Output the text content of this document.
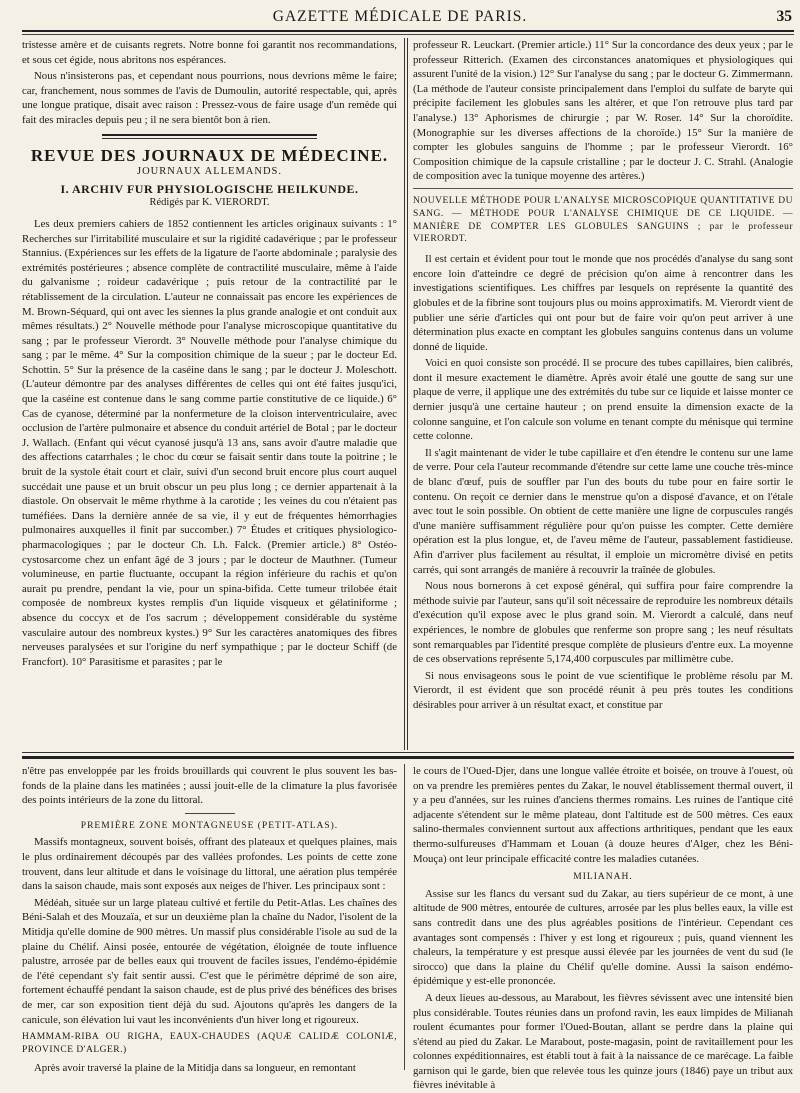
GAZETTE MÉDICALE DE PARIS.	35

tristesse amère et de cuisants regrets. Notre bonne foi garantit nos recommandations, et sous cet égide, nous abritons nos espérances.

Nous n'insisterons pas, et cependant nous pourrions, nous devrions même le faire; car, franchement, nous sommes de l'avis de Dumoulin, autorité respectable, qui, après une longue pratique, disait avec raison : Pressez-vous de faire usage d'un remède qui fait des miracles depuis peu ; il ne sera bientôt bon à rien.

REVUE DES JOURNAUX DE MÉDECINE.
JOURNAUX ALLEMANDS.
I. ARCHIV FUR PHYSIOLOGISCHE HEILKUNDE.
Rédigés par K. VIERORDT.

Les deux premiers cahiers de 1852 contiennent les articles originaux suivants : 1° Recherches sur l'irritabilité musculaire et sur la rigidité cadavérique ; par le professeur Stannius. (Expériences sur les effets de la ligature de l'aorte abdominale ; paralysie des extrémités postérieures ; absence complète de contractilité musculaire, même à l'aide du galvanisme ; roideur cadavérique ; puis retour de la contractilité par le rétablissement de la circulation. L'auteur ne connaissait pas encore les expériences de M. Brown-Séquard, qui ont avec les siennes la plus grande analogie et ont conduit aux mêmes résultats.) 2° Nouvelle méthode pour l'analyse microscopique quantitative du sang ; par le professeur Vierordt. 3° Nouvelle méthode pour l'analyse chimique du sang ; par le même. 4° Sur la composition chimique de la sueur ; par le docteur Ed. Schottin. 5° Sur la présence de la caséine dans le sang ; par le docteur J. Moleschott. (L'auteur démontre par des analyses différentes de celles qui ont été faites jusqu'ici, que la caséine est contenue dans le sang comme partie constitutive de ce liquide.) 6° Cas de cyanose, déterminé par la nonfermeture de la cloison interventriculaire, avec occlusion de l'artère pulmonaire et absence du conduit artériel de Botal ; par le docteur J. Wallach. (Enfant qui vécut cyanosé jusqu'à 13 ans, sans avoir d'autre maladie que des affections catarrhales ; le choc du cœur se faisait sentir dans toute la poitrine ; le bruit de la systole était court et clair, suivi d'un second bruit encore plus court auquel succédait une pause et un bruit obscur un peu plus long ; ce dernier appartenait à la diastole. On observait le même rhythme à la carotide ; les veines du cou n'étaient pas tuméfiées. Dans la dernière année de sa vie, il y eut de fréquentes hémorrhagies pulmonaires auxquelles il finit par succomber.) 7° Études et critiques physiologico-pharmacologiques ; par le docteur Ch. Lh. Falck. (Premier article.) 8° Ostéo-cystosarcome chez un enfant âgé de 3 jours ; par le docteur de Mauthner. (Tumeur volumineuse, en partie fluctuante, occupant la région inférieure du rachis et qu'on aurait pu prendre, pendant la vie, pour un spina-bifida. Cette tumeur trilobée était composée de nombreux kystes remplis d'un liquide visqueux et gélatiniforme ; absence du coccyx et de l'os sacrum ; développement considérable du système vasculaire autour des nombreux kystes.) 9° Sur les caractères anatomiques des fibres nerveuses paralysées et sur l'origine du nerf sympathique ; par le docteur Schiff (de Francfort). 10° Parasitisme et parasites ; par le

professeur R. Leuckart. (Premier article.) 11° Sur la concordance des deux yeux ; par le professeur Ritterich. (Examen des circonstances anatomiques et physiologiques qui assurent l'unité de la vision.) 12° Sur l'analyse du sang ; par le docteur G. Zimmermann. (La méthode de l'auteur consiste principalement dans l'emploi du sulfate de baryte qui précipite facilement les globules sans les altérer, et que l'on retrouve plus tard par l'analyse.) 13° Aphorismes de chirurgie ; par W. Roser. 14° Sur la choroïdite. (Monographie sur les diverses affections de la choroïde.) 15° Sur la manière de compter les globules sanguins de l'homme ; par le professeur Vierordt. 16° Composition chimique de la capsule cristalline ; par le docteur J. C. Strahl. (Analogie de composition avec la tunique moyenne des artères.)

NOUVELLE MÉTHODE POUR L'ANALYSE MICROSCOPIQUE QUANTITATIVE DU SANG. — MÉTHODE POUR L'ANALYSE CHIMIQUE DE CE LIQUIDE. — MANIÈRE DE COMPTER LES GLOBULES SANGUINS ; par le professeur VIERORDT.

Il est certain et évident pour tout le monde que nos procédés d'analyse du sang sont encore loin d'atteindre ce degré de précision qu'on aime à rencontrer dans les investigations scientifiques. Les chiffres par lesquels on représente la quantité des globules et de la fibrine sont toujours plus ou moins approximatifs. M. Vierordt vient de publier une série d'articles qui ont pour but de faire voir qu'on peut arriver à une détermination plus exacte en comptant les globules sanguins contenus dans un volume donné de liquide.

Voici en quoi consiste son procédé. Il se procure des tubes capillaires, bien calibrés, dont il mesure exactement le diamètre. Après avoir étalé une goutte de sang sur une plaque de verre, il applique une des extrémités du tube sur ce liquide et laisse monter ce dernier jusqu'à une certaine hauteur ; on prend ensuite la dimension exacte de la colonne sanguine, et l'on calcule son volume en tenant compte du ménisque qui termine cette colonne.

Il s'agit maintenant de vider le tube capillaire et d'en étendre le contenu sur une lame de verre. Pour cela l'auteur recommande d'étendre sur cette lame une couche très-mince de blanc d'œuf, puis de souffler par l'un des bouts du tube pour en faire sortir le contenu. On reçoit ce dernier dans le menstrue qu'on a disposé d'avance, et on l'étale avec tout le soin possible. On obtient de cette manière une ligne de corpuscules rangés d'une manière suffisamment régulière pour qu'on puisse les compter. Cette dernière opération est la plus longue, et, de l'aveu même de l'auteur, passablement fastidieuse. Afin d'arriver plus facilement au résultat, il emploie un micromètre divisé en petits carrés, qui sont arrangés de manière à recouvrir la traînée de globules.

Nous nous bornerons à cet exposé général, qui suffira pour faire comprendre la méthode suivie par l'auteur, sans qu'il soit nécessaire de reproduire les nombreux détails d'exécution qu'il expose avec le plus grand soin. M. Vierordt a calculé, dans neuf expériences, le nombre de globules que renferme son propre sang ; les neuf résultats sont remarquables par l'identité presque complète de plusieurs d'entre eux. La moyenne de ces observations représente 5,174,400 corpuscules par millimètre cube.

Si nous envisageons sous le point de vue scientifique le problème résolu par M. Vierordt, il est évident que son procédé réunit à peu près toutes les conditions désirables pour arriver à un résultat exact, et constitue par

n'être pas enveloppée par les froids brouillards qui couvrent le plus souvent les bas-fonds de la plaine dans les matinées ; aussi jouit-elle de la climature la plus favorisée des points intérieurs de la zone du littoral.

PREMIÈRE ZONE MONTAGNEUSE (PETIT-ATLAS).

Massifs montagneux, souvent boisés, offrant des plateaux et quelques plaines, mais le plus ordinairement découpés par des vallées profondes. Les points de cette zone trouvent, dans leur altitude et dans le voisinage du littoral, une aération plus tempérée dans la saison chaude, mais sont exposés aux neiges de l'hiver. Les principaux sont :

Médéah, située sur un large plateau cultivé et fertile du Petit-Atlas. Les chaînes des Béni-Salah et des Mouzaïa, et sur un deuxième plan la chaîne du Nador, l'isolent de la Mitidja qu'elle domine de 900 mètres. Un massif plus considérable l'isole au sud de la plaine du Chélif. Ainsi posée, entourée de végétation, éloignée de toute influence palustre, arrosée par de belles eaux qui trouvent de faciles issues, l'endémo-épidémie de l'été cependant s'y fait sentir aussi. C'est que le périmètre déprimé de son aire, fortement échauffé pendant la saison chaude, est de plus privé des bénéfices des brises de mer, car son exposition tient déjà du sud. Ajoutons qu'après les dangers de la canicule, son élévation lui vaut les inconvénients d'un hiver long et rigoureux.

HAMMAM-RIBA OU RIGHA, EAUX-CHAUDES (AQUÆ CALIDÆ COLONIÆ, PROVINCE D'ALGER.)

Après avoir traversé la plaine de la Mitidja dans sa longueur, en remontant

le cours de l'Oued-Djer, dans une longue vallée étroite et boisée, on trouve à l'ouest, où on va prendre les premières pentes du Zakar, le nouvel établissement thermal ouvert, il y a peu d'années, sur les ruines d'anciens thermes romains. Les ruines de l'antique cité adjacente s'étendent sur le même plateau, dont l'altitude est de 500 mètres. Ces eaux salino-thermales conviennent surtout aux affections arthritiques, pendant que les eaux thermo-sulfureuses d'Hammam et Louan (à douze heures d'Alger, chez les Béni-Mouça) ont leur principale efficacité contre les maladies cutanées.

MILIANAH.

Assise sur les flancs du versant sud du Zakar, au tiers supérieur de ce mont, à une altitude de 900 mètres, entourée de cultures, arrosée par les plus belles eaux, la ville est sans contredit dans une des plus agréables positions de l'intérieur. Cependant ces avantages sont compensés : l'hiver y est long et rigoureux ; puis, quand viennent les chaleurs, la température y est presque aussi élevée par les journées de vent du sud (le sirocco) que dans la plaine du Chélif qu'elle domine. Aussi la saison endémo-épidémique y est-elle prononcée.

A deux lieues au-dessous, au Marabout, les fièvres sévissent avec une intensité bien plus considérable. Toutes réunies dans un profond ravin, les eaux limpides de Milianah roulent écumantes pour former l'Oued-Boutan, allant se perdre dans la plaine qui s'étend au pied du Zakar. Le Marabout, poste-magasin, point de ravitaillement pour les colonnes expéditionnaires, est établi tout à fait à la naissance de ce marécage. La faible garnison qui le garde, bien que relevée tous les quinze jours (1846) paye un tribut aux fièvres inévitable à
